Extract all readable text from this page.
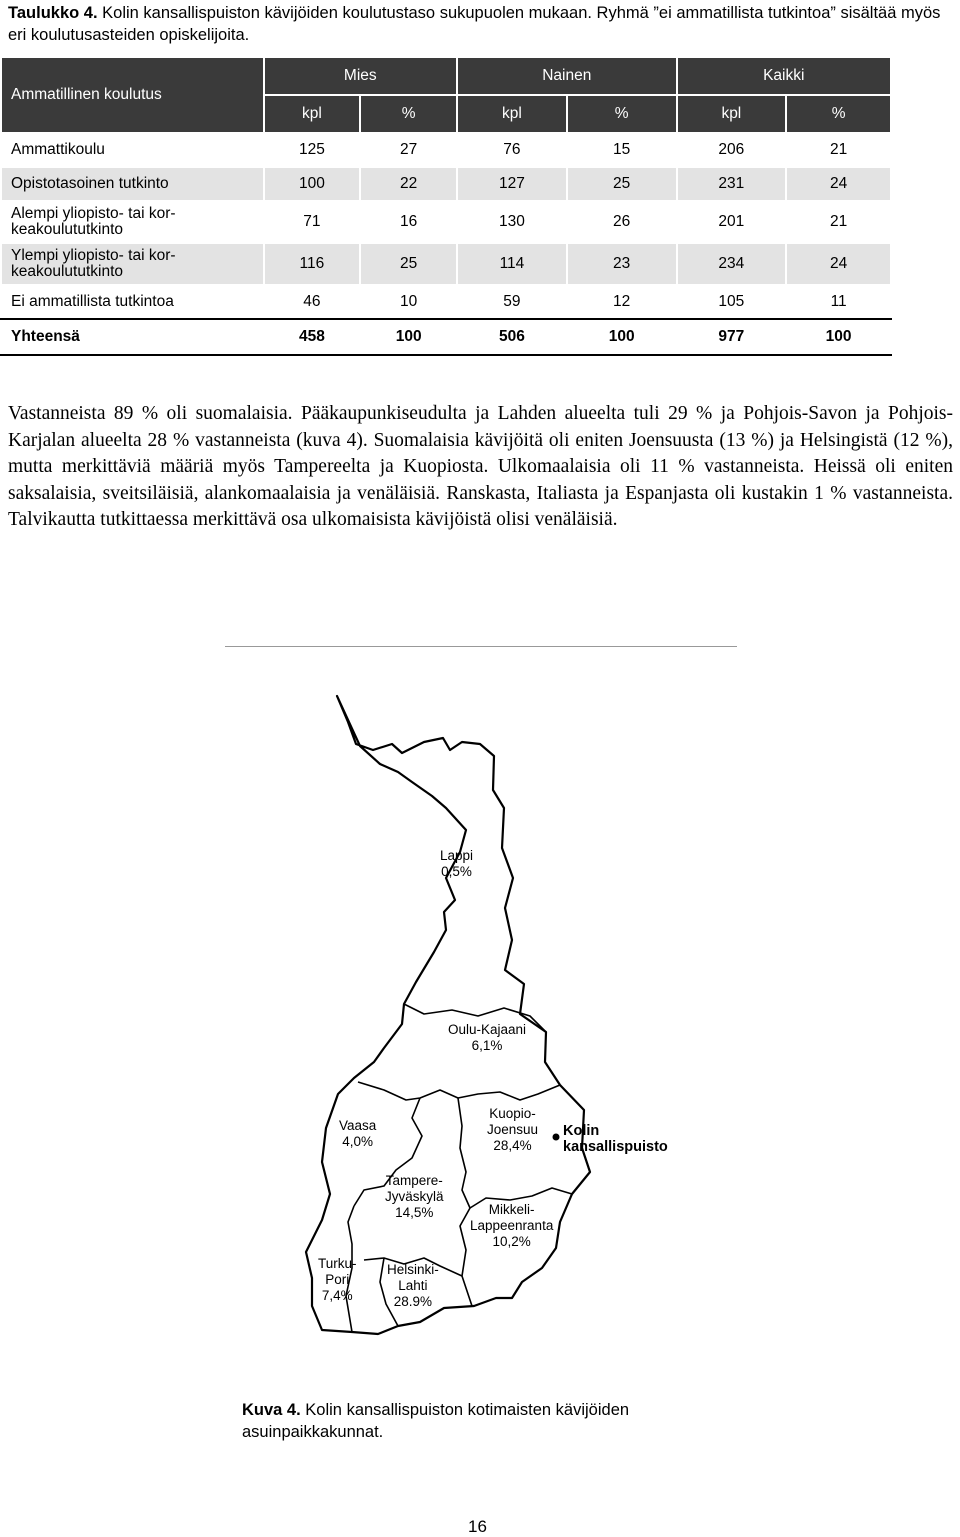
Taulukko 4. Kolin kansallispuiston kävijöiden koulutustaso sukupuolen mukaan. Ryhmä ”ei ammatillista tutkintoa” sisältää myös eri koulutusasteiden opiskelijoita.
Ammatillinen koulutus	Mies		Nainen		Kaikki	
	kpl	%	kpl	%	kpl	%
Ammattikoulu	125	27	76	15	206	21
Opistotasoinen tutkinto	100	22	127	25	231	24
Alempi yliopisto- tai kor-keakoulututkinto	71	16	130	26	201	21
Ylempi yliopisto- tai kor-keakoulututkinto	116	25	114	23	234	24
Ei ammatillista tutkintoa	46	10	59	12	105	11
Yhteensä	458	100	506	100	977	100
Vastanneista 89 % oli suomalaisia. Pääkaupunkiseudulta ja Lahden alueelta tuli 29 % ja Pohjois-Savon ja Pohjois-Karjalan alueelta 28 % vastanneista (kuva 4). Suomalaisia kävijöitä oli eniten Joensuusta (13 %) ja Helsingistä (12 %), mutta merkittäviä määriä myös Tampereelta ja Kuopiosta. Ulkomaalaisia oli 11 % vastanneista. Heissä oli eniten saksalaisia, sveitsiläisiä, alankomaalaisia ja venäläisiä. Ranskasta, Italiasta ja Espanjasta oli kustakin 1 % vastanneista. Talvikautta tutkittaessa merkittävä osa ulkomaisista kävijöistä olisi venäläisiä.
Lappi
0,5%
Oulu-Kajaani
6,1%
Vaasa
4,0%
Kuopio-
Joensuu
28,4%
Kolin
kansallispuisto
Tampere-
Jyväskylä
14,5%	Mikkeli-
Lappeenranta
10,2%
Turku-
Pori
7,4%
Helsinki-
Lahti
28.9%
Kuva 4. Kolin kansallispuiston kotimaisten kävijöiden asuinpaikkakunnat.
16
